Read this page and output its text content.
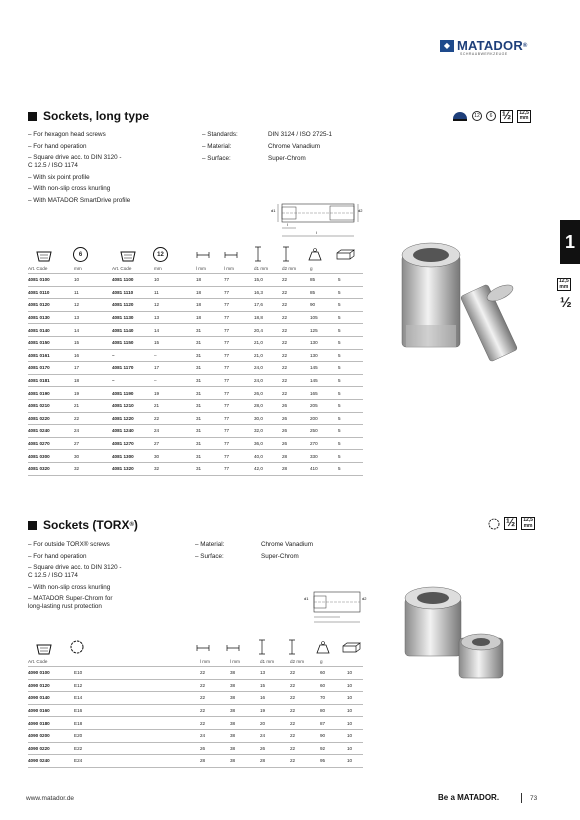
◆ MATADOR ®
SCHRAUBWERKZEUGE
1
12,5
mm
½
Sockets, long type	12	6 ½	12,5
mm
– For hexagon head screws
– For hand operation
– Square drive acc. to DIN 3120 -
C 12.5 / ISO 1174
– With six point profile
– With non-slip cross knurling
– With MATADOR SmartDrive profile
– Standards:	DIN 3124 / ISO 2725-1
– Material:	Chrome Vanadium
– Surface:	Super-Chrom
d1	d2
l
l
6	12
Art. Code	mm	Art. Code	mm	l mm	l mm	d1 mm	d2 mm	g	
4081 0100	10	4081 1100	10	18	77	15,0	22	85	5
4081 0110	11	4081 1110	11	18	77	16,3	22	85	5
4081 0120	12	4081 1120	12	18	77	17,6	22	90	5
4081 0130	13	4081 1130	13	18	77	18,8	22	105	5
4081 0140	14	4081 1140	14	31	77	20,4	22	125	5
4081 0150	15	4081 1150	15	31	77	21,0	22	130	5
4081 0161	16	–	–	31	77	21,0	22	130	5
4081 0170	17	4081 1170	17	31	77	24,0	22	145	5
4081 0181	18	–	–	31	77	24,0	22	145	5
4081 0190	19	4081 1190	19	31	77	26,0	22	165	5
4081 0210	21	4081 1210	21	31	77	28,0	26	205	5
4081 0220	22	4081 1220	22	31	77	30,0	26	200	5
4081 0240	24	4081 1240	24	31	77	32,0	26	250	5
4081 0270	27	4081 1270	27	31	77	36,0	26	270	5
4081 0300	30	4081 1300	30	31	77	40,0	28	330	5
4081 0320	32	4081 1320	32	31	77	42,0	28	410	5
Sockets (TORX ® )	½	12,5
mm
– For outside TORX® screws
– For hand operation
– Square drive acc. to DIN 3120 -
C 12.5 / ISO 1174
– With non-slip cross knurling
– MATADOR Super-Chrom for
long-lasting rust protection
– Material:	Chrome Vanadium
– Surface:	Super-Chrom
d1	d2
Art. Code		l mm	l mm	d1 mm	d2 mm	g	
4090 0100	E10	22	38	13	22	60	10
4090 0120	E12	22	38	15	22	60	10
4090 0140	E14	22	38	16	22	70	10
4090 0160	E16	22	38	19	22	80	10
4090 0180	E18	22	38	20	22	87	10
4090 0200	E20	24	38	24	22	90	10
4090 0220	E22	26	38	26	22	92	10
4090 0240	E24	28	38	28	22	95	10
www.matador.de	Be a MATADOR.	73
